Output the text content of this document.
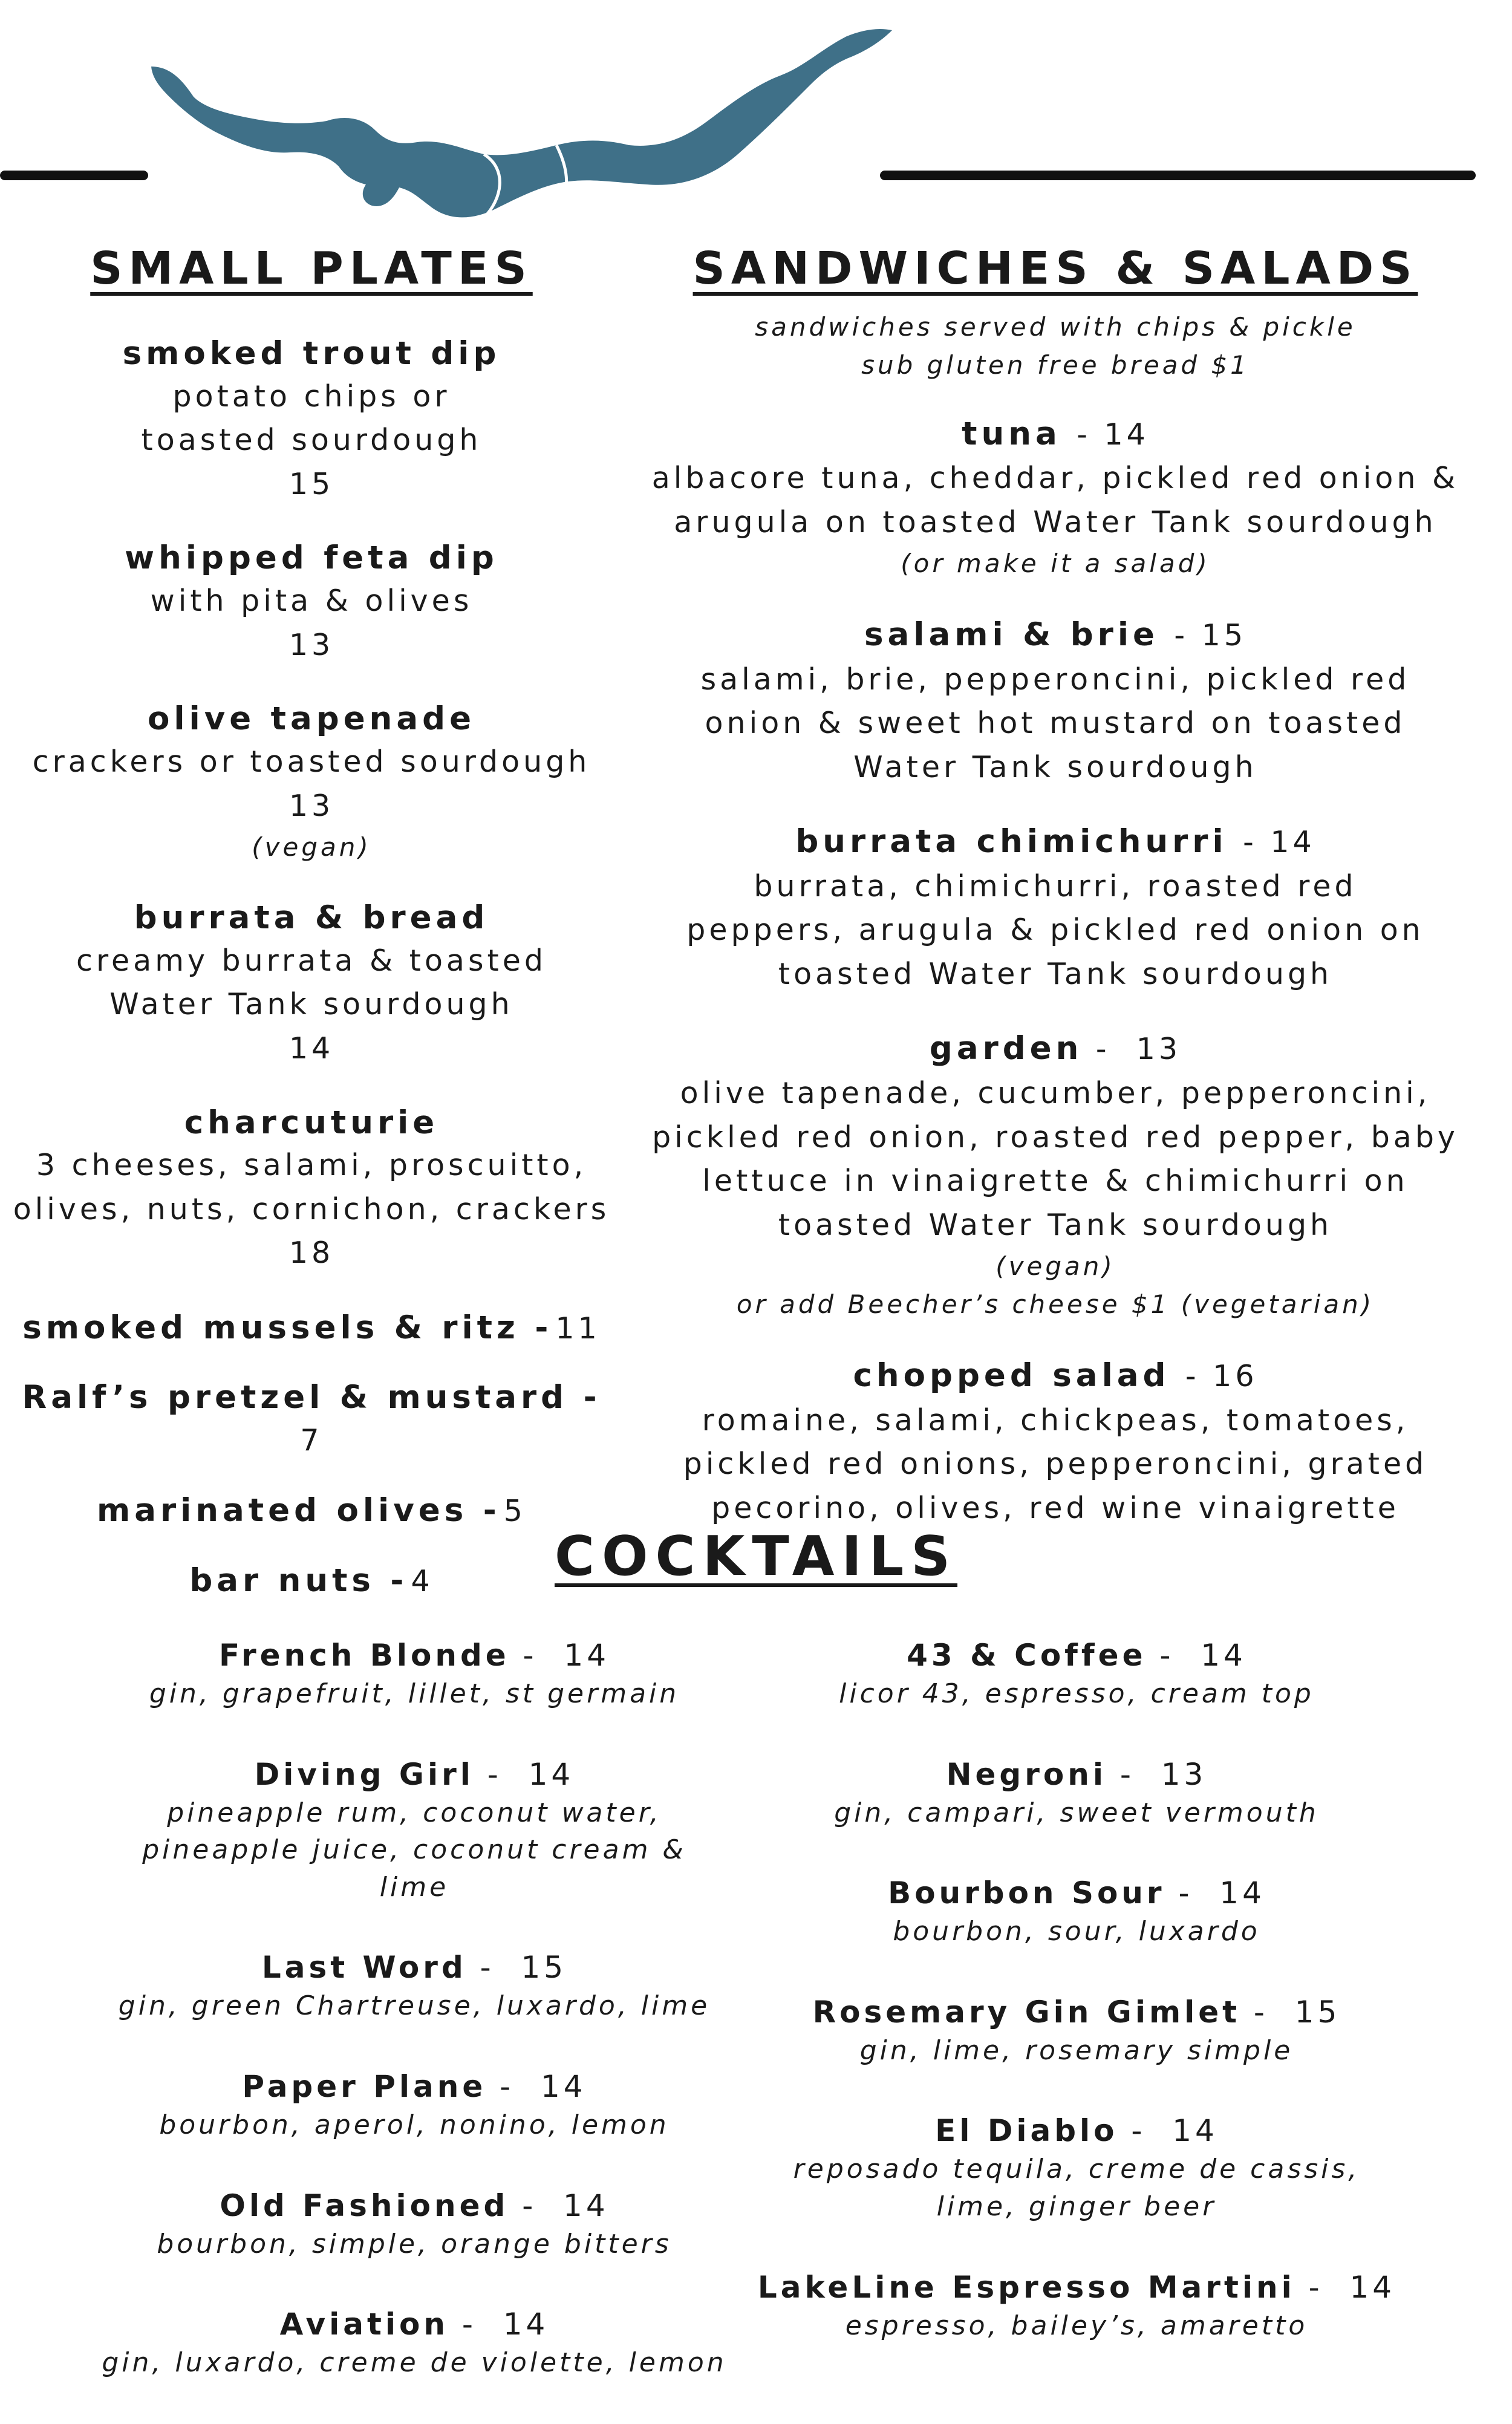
SMALL PLATES
smoked trout dip
potato chips or toasted sourdough
15
whipped feta dip
with pita & olives
13
olive tapenade
crackers or toasted sourdough
13
(vegan)
burrata & bread
creamy burrata & toasted Water Tank sourdough
14
charcuturie
3 cheeses, salami, proscuitto, olives, nuts, cornichon, crackers
18
smoked mussels & ritz - 11
Ralf’s pretzel & mustard - 7
marinated olives - 5
bar nuts - 4
SANDWICHES & SALADS
sandwiches served with chips & pickle
sub gluten free bread $1
tuna - 14
albacore tuna, cheddar, pickled red onion & arugula on toasted Water Tank sourdough
(or make it a salad)
salami & brie - 15
salami, brie, pepperoncini, pickled red onion & sweet hot mustard on toasted Water Tank sourdough
burrata chimichurri - 14
burrata, chimichurri, roasted red peppers, arugula & pickled red onion on toasted Water Tank sourdough
garden -  13
olive tapenade, cucumber, pepperoncini, pickled red onion, roasted red pepper, baby lettuce in vinaigrette & chimichurri on toasted Water Tank sourdough
(vegan)
or add Beecher’s cheese $1 (vegetarian)
chopped salad - 16
romaine, salami, chickpeas, tomatoes, pickled red onions, pepperoncini, grated pecorino, olives, red wine vinaigrette
COCKTAILS
French Blonde -  14
gin, grapefruit, lillet, st germain
Diving Girl -  14
pineapple rum, coconut water, pineapple juice, coconut cream & lime
Last Word -  15
gin, green Chartreuse, luxardo, lime
Paper Plane -  14
bourbon, aperol, nonino, lemon
Old Fashioned -  14
bourbon, simple, orange bitters
Aviation -  14
gin, luxardo, creme de violette, lemon
43 & Coffee -  14
licor 43, espresso, cream top
Negroni -  13
gin, campari, sweet vermouth
Bourbon Sour -  14
bourbon, sour, luxardo
Rosemary Gin Gimlet -  15
gin, lime, rosemary simple
El Diablo -  14
reposado tequila, creme de cassis, lime, ginger beer
LakeLine Espresso Martini -  14
espresso, bailey’s, amaretto
